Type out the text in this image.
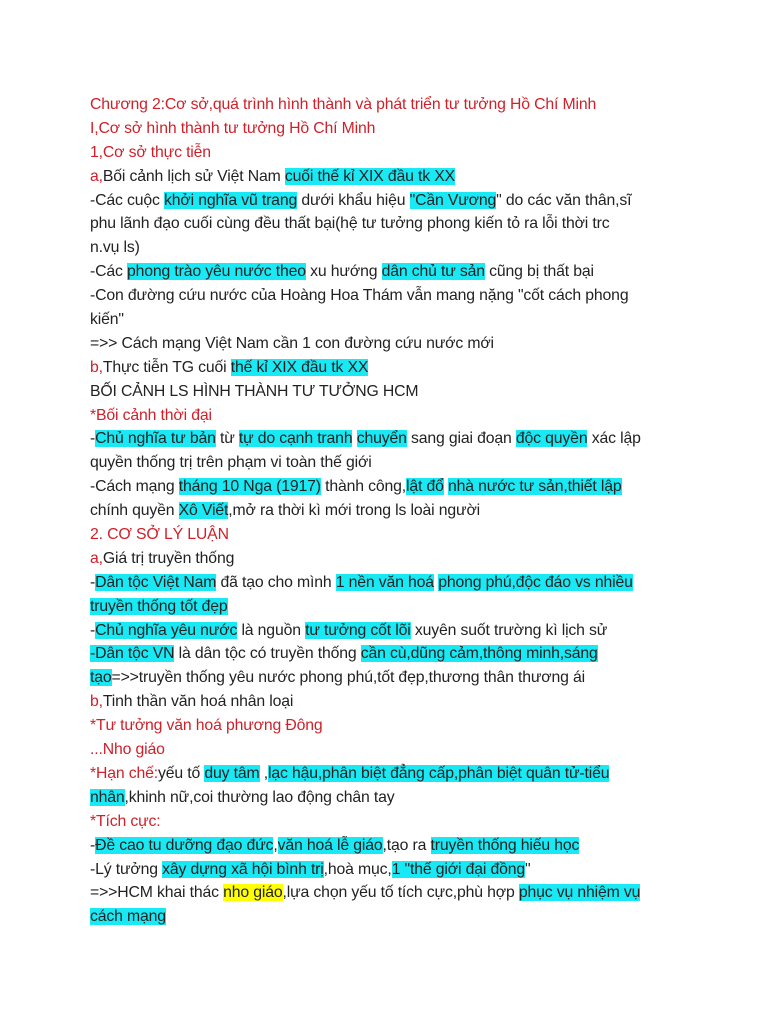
Chương 2:Cơ sở,quá trình hình thành và phát triển tư tưởng Hồ Chí Minh
I,Cơ sở hình thành tư tưởng Hồ Chí Minh
1,Cơ sở thực tiễn
a,Bối cảnh lịch sử Việt Nam cuối thế kỉ XIX đầu tk XX
-Các cuộc khởi nghĩa vũ trang dưới khẩu hiệu "Cần Vương" do các văn thân,sĩ
phu lãnh đạo cuối cùng đều thất bại(hệ tư tưởng phong kiến tỏ ra lỗi thời trc
n.vụ ls)
-Các phong trào yêu nước theo xu hướng dân chủ tư sản cũng bị thất bại
-Con đường cứu nước của Hoàng Hoa Thám vẫn mang nặng "cốt cách phong
kiến"
=>> Cách mạng Việt Nam cần 1 con đường cứu nước mới
b,Thực tiễn TG cuối thế kỉ XIX đầu tk XX
BỐI CẢNH LS HÌNH THÀNH TƯ TƯỞNG HCM
*Bối cảnh thời đại
-Chủ nghĩa tư bản từ tự do cạnh tranh chuyển sang giai đoạn độc quyền xác lập
quyền thống trị trên phạm vi toàn thế giới
-Cách mạng tháng 10 Nga (1917) thành công,lật đổ nhà nước tư sản,thiết lập
chính quyền Xô Viết,mở ra thời kì mới trong ls loài người
2. CƠ SỞ LÝ LUẬN
a,Giá trị truyền thống
-Dân tộc Việt Nam đã tạo cho mình 1 nền văn hoá phong phú,độc đáo vs nhiều
truyền thống tốt đẹp
-Chủ nghĩa yêu nước là nguồn tư tưởng cốt lõi xuyên suốt trường kì lịch sử
-Dân tộc VN là dân tộc có truyền thống cần cù,dũng cảm,thông minh,sáng
tạo=>>truyền thống yêu nước phong phú,tốt đẹp,thương thân thương ái
b,Tinh thần văn hoá nhân loại
*Tư tưởng văn hoá phương Đông
...Nho giáo
*Hạn chế:yếu tố duy tâm ,lạc hậu,phân biệt đẳng cấp,phân biệt quân tử-tiểu
nhân,khinh nữ,coi thường lao động chân tay
*Tích cực:
-Đề cao tu dưỡng đạo đức,văn hoá lễ giáo,tạo ra truyền thống hiếu học
-Lý tưởng xây dựng xã hội bình trị,hoà mục,1 "thế giới đại đồng"
=>>HCM khai thác nho giáo,lựa chọn yếu tố tích cực,phù hợp phục vụ nhiệm vụ
cách mạng
